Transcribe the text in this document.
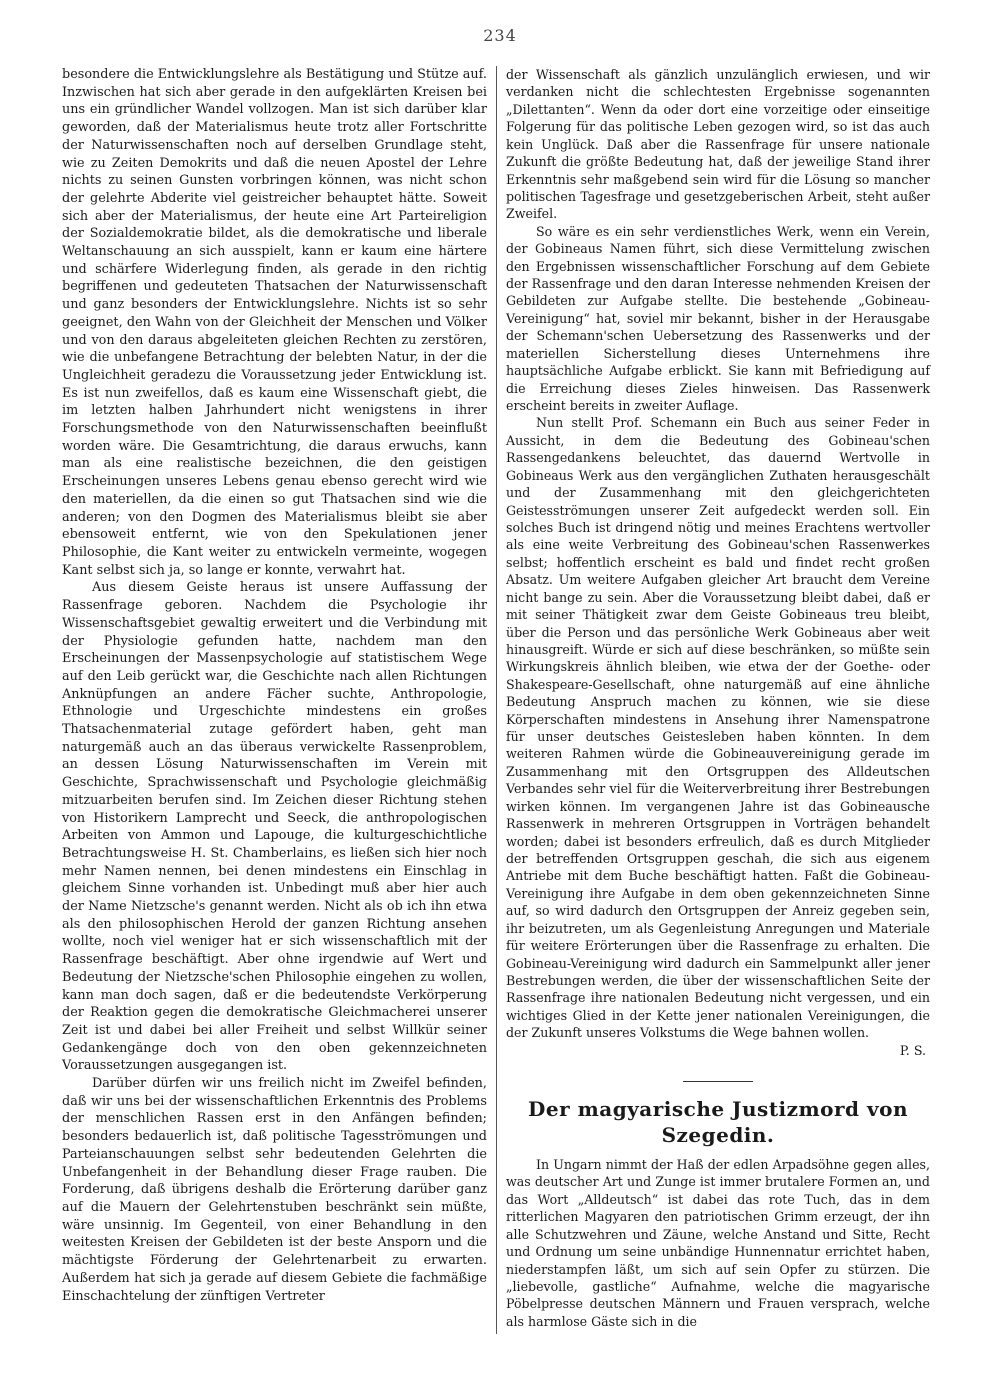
234

besondere die Entwicklungslehre als Bestätigung und Stütze auf. Inzwischen hat sich aber gerade in den aufgeklärten Kreisen bei uns ein gründlicher Wandel vollzogen. Man ist sich darüber klar geworden, daß der Materialismus heute trotz aller Fortschritte der Naturwissenschaften noch auf derselben Grundlage steht, wie zu Zeiten Demokrits und daß die neuen Apostel der Lehre nichts zu seinen Gunsten vorbringen können, was nicht schon der gelehrte Abderite viel geistreicher behauptet hätte. Soweit sich aber der Materialismus, der heute eine Art Parteireligion der Sozialdemokratie bildet, als die demokratische und liberale Weltanschauung an sich ausspielt, kann er kaum eine härtere und schärfere Widerlegung finden, als gerade in den richtig begriffenen und gedeuteten Thatsachen der Naturwissenschaft und ganz besonders der Entwicklungslehre. Nichts ist so sehr geeignet, den Wahn von der Gleichheit der Menschen und Völker und von den daraus abgeleiteten gleichen Rechten zu zerstören, wie die unbefangene Betrachtung der belebten Natur, in der die Ungleichheit geradezu die Voraussetzung jeder Entwicklung ist. Es ist nun zweifellos, daß es kaum eine Wissenschaft giebt, die im letzten halben Jahrhundert nicht wenigstens in ihrer Forschungsmethode von den Naturwissenschaften beeinflußt worden wäre. Die Gesamtrichtung, die daraus erwuchs, kann man als eine realistische bezeichnen, die den geistigen Erscheinungen unseres Lebens genau ebenso gerecht wird wie den materiellen, da die einen so gut Thatsachen sind wie die anderen; von den Dogmen des Materialismus bleibt sie aber ebensoweit entfernt, wie von den Spekulationen jener Philosophie, die Kant weiter zu entwickeln vermeinte, wogegen Kant selbst sich ja, so lange er konnte, verwahrt hat.

Aus diesem Geiste heraus ist unsere Auffassung der Rassenfrage geboren. Nachdem die Psychologie ihr Wissenschaftsgebiet gewaltig erweitert und die Verbindung mit der Physiologie gefunden hatte, nachdem man den Erscheinungen der Massenpsychologie auf statistischem Wege auf den Leib gerückt war, die Geschichte nach allen Richtungen Anknüpfungen an andere Fächer suchte, Anthropologie, Ethnologie und Urgeschichte mindestens ein großes Thatsachenmaterial zutage gefördert haben, geht man naturgemäß auch an das überaus verwickelte Rassenproblem, an dessen Lösung Naturwissenschaften im Verein mit Geschichte, Sprachwissenschaft und Psychologie gleichmäßig mitzuarbeiten berufen sind. Im Zeichen dieser Richtung stehen von Historikern Lamprecht und Seeck, die anthropologischen Arbeiten von Ammon und Lapouge, die kulturgeschichtliche Betrachtungsweise H. St. Chamberlains, es ließen sich hier noch mehr Namen nennen, bei denen mindestens ein Einschlag in gleichem Sinne vorhanden ist. Unbedingt muß aber hier auch der Name Nietzsche's genannt werden. Nicht als ob ich ihn etwa als den philosophischen Herold der ganzen Richtung ansehen wollte, noch viel weniger hat er sich wissenschaftlich mit der Rassenfrage beschäftigt. Aber ohne irgendwie auf Wert und Bedeutung der Nietzsche'schen Philosophie eingehen zu wollen, kann man doch sagen, daß er die bedeutendste Verkörperung der Reaktion gegen die demokratische Gleichmacherei unserer Zeit ist und dabei bei aller Freiheit und selbst Willkür seiner Gedankengänge doch von den oben gekennzeichneten Voraussetzungen ausgegangen ist.

Darüber dürfen wir uns freilich nicht im Zweifel befinden, daß wir uns bei der wissenschaftlichen Erkenntnis des Problems der menschlichen Rassen erst in den Anfängen befinden; besonders bedauerlich ist, daß politische Tagesströmungen und Parteianschauungen selbst sehr bedeutenden Gelehrten die Unbefangenheit in der Behandlung dieser Frage rauben. Die Forderung, daß übrigens deshalb die Erörterung darüber ganz auf die Mauern der Gelehrtenstuben beschränkt sein müßte, wäre unsinnig. Im Gegenteil, von einer Behandlung in den weitesten Kreisen der Gebildeten ist der beste Ansporn und die mächtigste Förderung der Gelehrtenarbeit zu erwarten. Außerdem hat sich ja gerade auf diesem Gebiete die fachmäßige Einschachtelung der zünftigen Vertreter

der Wissenschaft als gänzlich unzulänglich erwiesen, und wir verdanken nicht die schlechtesten Ergebnisse sogenannten „Dilettanten“. Wenn da oder dort eine vorzeitige oder einseitige Folgerung für das politische Leben gezogen wird, so ist das auch kein Unglück. Daß aber die Rassenfrage für unsere nationale Zukunft die größte Bedeutung hat, daß der jeweilige Stand ihrer Erkenntnis sehr maßgebend sein wird für die Lösung so mancher politischen Tagesfrage und gesetzgeberischen Arbeit, steht außer Zweifel.

So wäre es ein sehr verdienstliches Werk, wenn ein Verein, der Gobineaus Namen führt, sich diese Vermittelung zwischen den Ergebnissen wissenschaftlicher Forschung auf dem Gebiete der Rassenfrage und den daran Interesse nehmenden Kreisen der Gebildeten zur Aufgabe stellte. Die bestehende „Gobineau-Vereinigung“ hat, soviel mir bekannt, bisher in der Herausgabe der Schemann'schen Uebersetzung des Rassenwerks und der materiellen Sicherstellung dieses Unternehmens ihre hauptsächliche Aufgabe erblickt. Sie kann mit Befriedigung auf die Erreichung dieses Zieles hinweisen. Das Rassenwerk erscheint bereits in zweiter Auflage.

Nun stellt Prof. Schemann ein Buch aus seiner Feder in Aussicht, in dem die Bedeutung des Gobineau'schen Rassengedankens beleuchtet, das dauernd Wertvolle in Gobineaus Werk aus den vergänglichen Zuthaten herausgeschält und der Zusammenhang mit den gleichgerichteten Geistesströmungen unserer Zeit aufgedeckt werden soll. Ein solches Buch ist dringend nötig und meines Erachtens wertvoller als eine weite Verbreitung des Gobineau'schen Rassenwerkes selbst; hoffentlich erscheint es bald und findet recht großen Absatz. Um weitere Aufgaben gleicher Art braucht dem Vereine nicht bange zu sein. Aber die Voraussetzung bleibt dabei, daß er mit seiner Thätigkeit zwar dem Geiste Gobineaus treu bleibt, über die Person und das persönliche Werk Gobineaus aber weit hinausgreift. Würde er sich auf diese beschränken, so müßte sein Wirkungskreis ähnlich bleiben, wie etwa der der Goethe- oder Shakespeare-Gesellschaft, ohne naturgemäß auf eine ähnliche Bedeutung Anspruch machen zu können, wie sie diese Körperschaften mindestens in Ansehung ihrer Namenspatrone für unser deutsches Geistesleben haben könnten. In dem weiteren Rahmen würde die Gobineauvereinigung gerade im Zusammenhang mit den Ortsgruppen des Alldeutschen Verbandes sehr viel für die Weiterverbreitung ihrer Bestrebungen wirken können. Im vergangenen Jahre ist das Gobineausche Rassenwerk in mehreren Ortsgruppen in Vorträgen behandelt worden; dabei ist besonders erfreulich, daß es durch Mitglieder der betreffenden Ortsgruppen geschah, die sich aus eigenem Antriebe mit dem Buche beschäftigt hatten. Faßt die Gobineau-Vereinigung ihre Aufgabe in dem oben gekennzeichneten Sinne auf, so wird dadurch den Ortsgruppen der Anreiz gegeben sein, ihr beizutreten, um als Gegenleistung Anregungen und Materiale für weitere Erörterungen über die Rassenfrage zu erhalten. Die Gobineau-Vereinigung wird dadurch ein Sammelpunkt aller jener Bestrebungen werden, die über der wissenschaftlichen Seite der Rassenfrage ihre nationalen Bedeutung nicht vergessen, und ein wichtiges Glied in der Kette jener nationalen Vereinigungen, die der Zukunft unseres Volkstums die Wege bahnen wollen.

P. S.

Der magyarische Justizmord von Szegedin.

In Ungarn nimmt der Haß der edlen Arpadsöhne gegen alles, was deutscher Art und Zunge ist immer brutalere Formen an, und das Wort „Alldeutsch“ ist dabei das rote Tuch, das in dem ritterlichen Magyaren den patriotischen Grimm erzeugt, der ihn alle Schutzwehren und Zäune, welche Anstand und Sitte, Recht und Ordnung um seine unbändige Hunnennatur errichtet haben, niederstampfen läßt, um sich auf sein Opfer zu stürzen. Die „liebevolle, gastliche“ Aufnahme, welche die magyarische Pöbelpresse deutschen Männern und Frauen versprach, welche als harmlose Gäste sich in die
